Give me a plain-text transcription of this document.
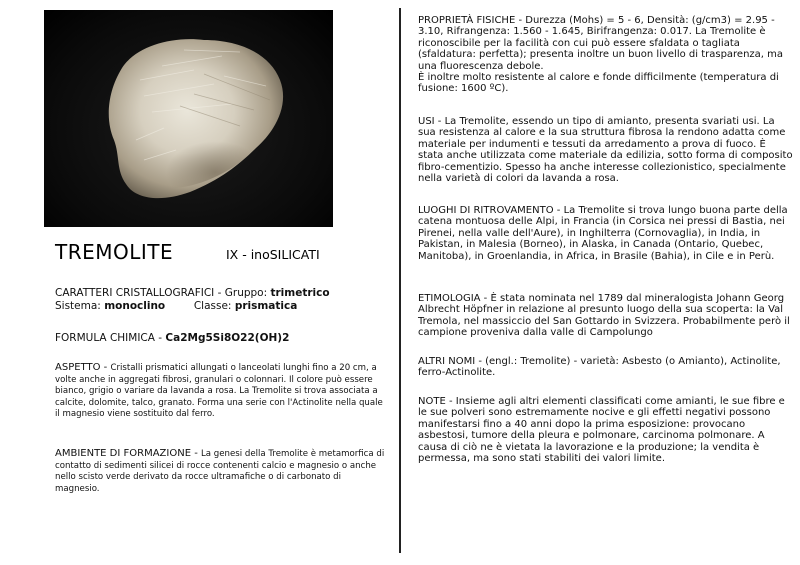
TREMOLITE	IX - inoSILICATI
CARATTERI CRISTALLOGRAFICI - Gruppo: trimetrico
Sistema: monoclino	Classe: prismatica
FORMULA CHIMICA - Ca2Mg5Si8O22(OH)2
ASPETTO - Cristalli prismatici allungati o lanceolati lunghi fino a 20 cm, a volte anche in aggregati fibrosi, granulari o colonnari. Il colore può essere bianco, grigio o variare da lavanda a rosa. La Tremolite si trova associata a calcite, dolomite, talco, granato. Forma una serie con l'Actinolite nella quale il magnesio viene sostituito dal ferro.
AMBIENTE DI FORMAZIONE - La genesi della Tremolite è metamorfica di contatto di sedimenti silicei di rocce contenenti calcio e magnesio o anche nello scisto verde derivato da rocce ultramafiche o di carbonato di magnesio.
PROPRIETÀ FISICHE - Durezza (Mohs) = 5 - 6, Densità: (g/cm3) = 2.95 - 3.10, Rifrangenza: 1.560 - 1.645, Birifrangenza: 0.017. La Tremolite è riconoscibile per la facilità con cui può essere sfaldata o tagliata (sfaldatura: perfetta); presenta inoltre un buon livello di trasparenza, ma una fluorescenza debole.
È inoltre molto resistente al calore e fonde difficilmente (temperatura di fusione: 1600 ºC).
USI - La Tremolite, essendo un tipo di amianto, presenta svariati usi. La sua resistenza al calore e la sua struttura fibrosa la rendono adatta come materiale per indumenti e tessuti da arredamento a prova di fuoco. È stata anche utilizzata come materiale da edilizia, sotto forma di composito fibro-cementizio. Spesso ha anche interesse collezionistico, specialmente nella varietà di colori da lavanda a rosa.
LUOGHI DI RITROVAMENTO - La Tremolite si trova lungo buona parte della catena montuosa delle Alpi, in Francia (in Corsica nei pressi di Bastia, nei Pirenei, nella valle dell'Aure), in Inghilterra (Cornovaglia), in India, in Pakistan, in Malesia (Borneo), in Alaska, in Canada (Ontario, Quebec, Manitoba), in Groenlandia, in Africa, in Brasile (Bahia), in Cile e in Perù.
ETIMOLOGIA - È stata nominata nel 1789 dal mineralogista Johann Georg Albrecht Höpfner in relazione al presunto luogo della sua scoperta: la Val Tremola, nel massiccio del San Gottardo in Svizzera. Probabilmente però il campione proveniva dalla valle di Campolungo
ALTRI NOMI - (engl.: Tremolite) - varietà: Asbesto (o Amianto), Actinolite, ferro-Actinolite.
NOTE - Insieme agli altri elementi classificati come amianti, le sue fibre e le sue polveri sono estremamente nocive e gli effetti negativi possono manifestarsi fino a 40 anni dopo la prima esposizione: provocano asbestosi, tumore della pleura e polmonare, carcinoma polmonare. A causa di ciò ne è vietata la lavorazione e la produzione; la vendita è permessa, ma sono stati stabiliti dei valori limite.
